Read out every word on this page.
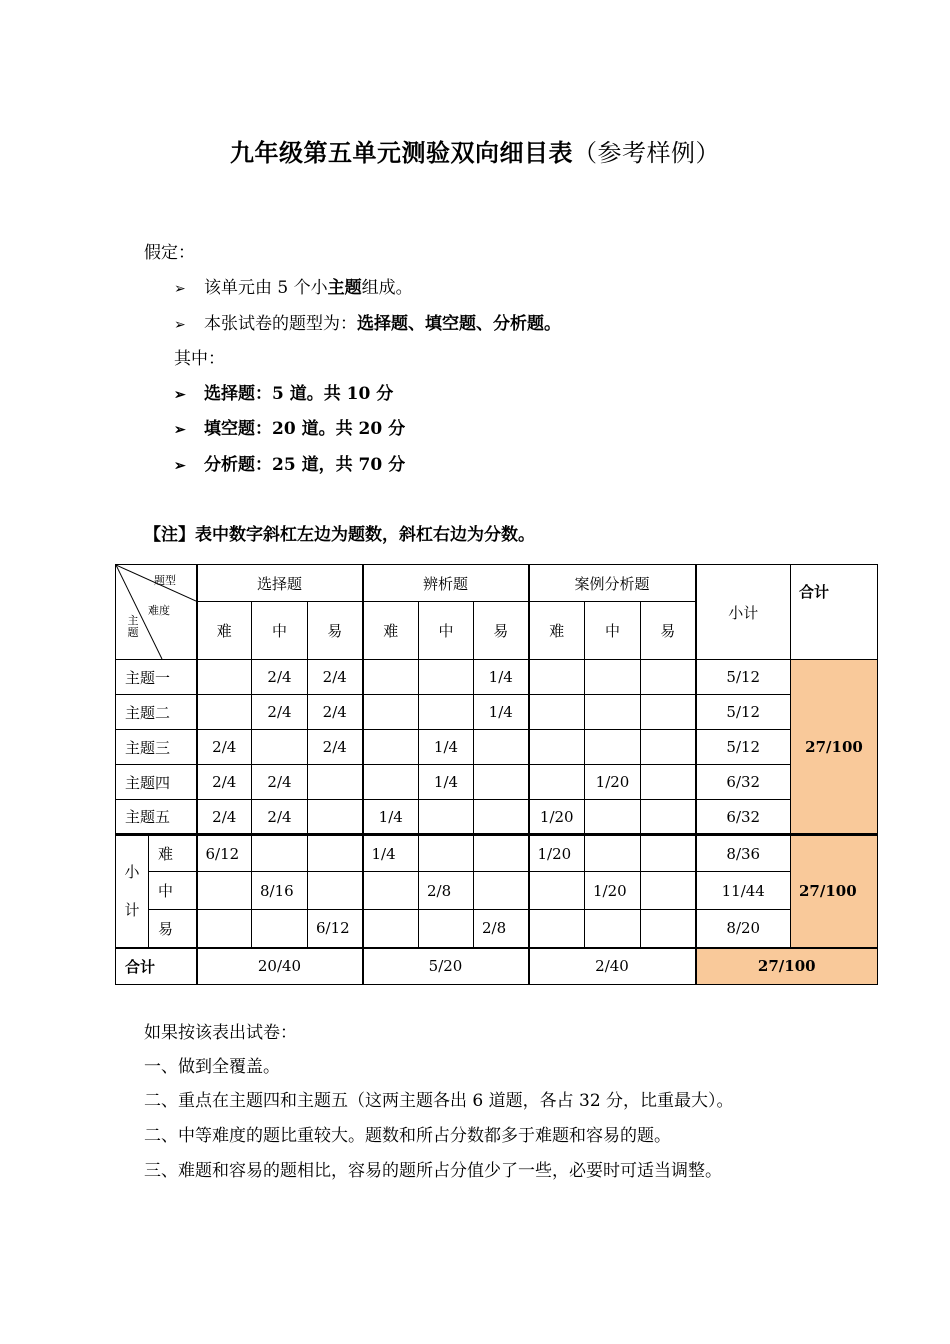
九年级第五单元测验双向细目表（参考样例）
假定：
➢ 该单元由 5 个小主题组成。
➢ 本张试卷的题型为：选择题、填空题、分析题。
其中：
➢ 选择题：5 道。共 10 分
➢ 填空题：20 道。共 20 分
➢ 分析题：25 道，共 70 分
【注】表中数字斜杠左边为题数，斜杠右边为分数。
题型
难度
主题		选择题			辨析题			案例分析题			小计	合计
		难	中	易	难	中	易	难	中	易		
主题一			2/4	2/4			1/4				5/12	27/100
主题二			2/4	2/4			1/4				5/12	
主题三		2/4		2/4		1/4					5/12	
主题四		2/4	2/4			1/4			1/20		6/32	
主题五		2/4	2/4		1/4			1/20			6/32	

小
计	难	6/12			1/4			1/20			8/36	27/100
	中		8/16			2/8			1/20		11/44	
	易			6/12			2/8				8/20	
合计		20/40			5/20			2/40			27/100	
如果按该表出试卷：
一、做到全覆盖。
二、重点在主题四和主题五（这两主题各出 6 道题，各占 32 分，比重最大）。
二、中等难度的题比重较大。题数和所占分数都多于难题和容易的题。
三、难题和容易的题相比，容易的题所占分值少了一些，必要时可适当调整。
